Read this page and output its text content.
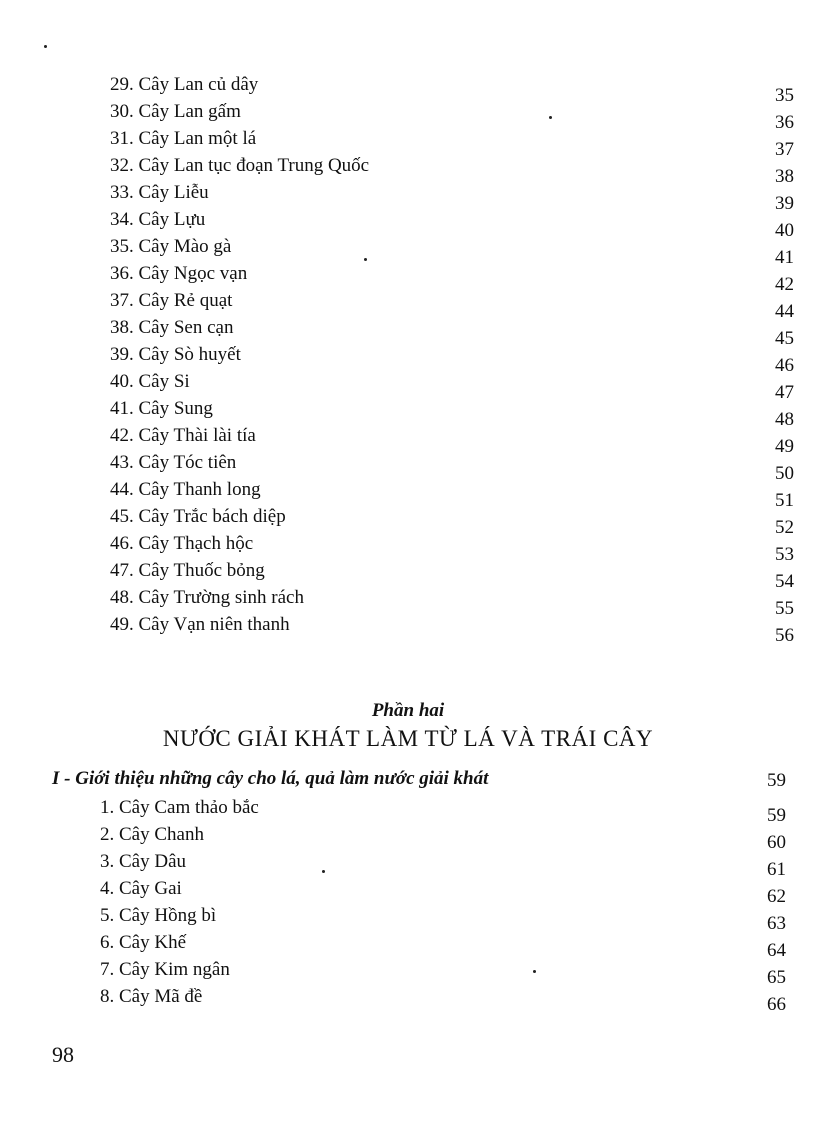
29. Cây Lan củ dây
30. Cây Lan gấm
31. Cây Lan một lá
32. Cây Lan tục đoạn Trung Quốc
33. Cây Liễu
34. Cây Lựu
35. Cây Mào gà
36. Cây Ngọc vạn
37. Cây Rẻ quạt
38. Cây Sen cạn
39. Cây Sò huyết
40. Cây Si
41. Cây Sung
42. Cây Thài lài tía
43. Cây Tóc tiên
44. Cây Thanh long
45. Cây Trắc bách diệp
46. Cây Thạch hộc
47. Cây Thuốc bỏng
48. Cây Trường sinh rách
49. Cây Vạn niên thanh
35
36
37
38
39
40
41
42
44
45
46
47
48
49
50
51
52
53
54
55
56
Phần hai
NƯỚC GIẢI KHÁT LÀM TỪ LÁ VÀ TRÁI CÂY
I - Giới thiệu những cây cho lá, quả làm nước giải khát	59
1. Cây Cam thảo bắc
2. Cây Chanh
3. Cây Dâu
4. Cây Gai
5. Cây Hồng bì
6. Cây Khế
7. Cây Kim ngân
8. Cây Mã đề
59
60
61
62
63
64
65
66
98
